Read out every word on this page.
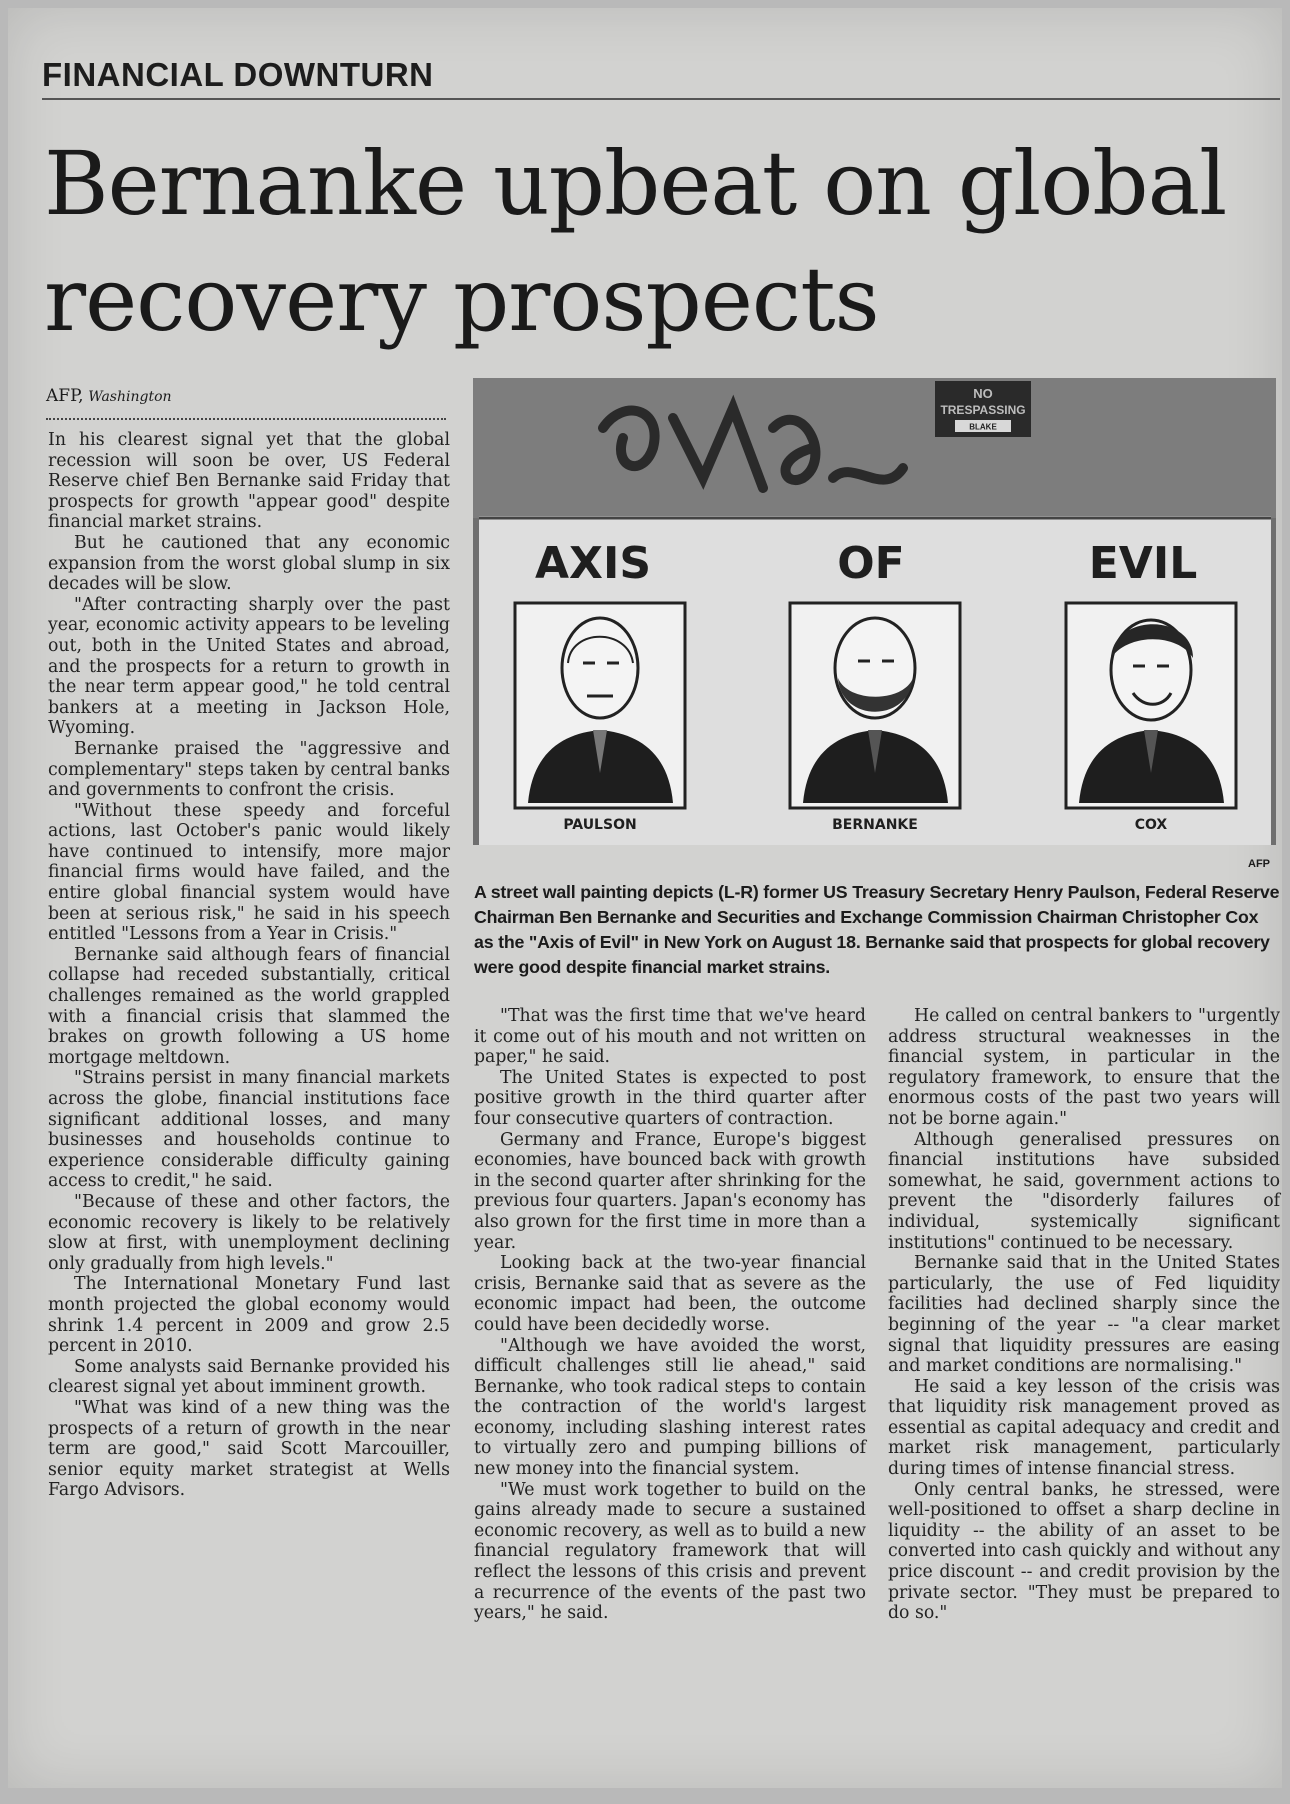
FINANCIAL DOWNTURN
Bernanke upbeat on global recovery prospects
AFP, Washington

In his clearest signal yet that the global recession will soon be over, US Federal Reserve chief Ben Bernanke said Friday that prospects for growth "appear good" despite financial market strains.

But he cautioned that any economic expansion from the worst global slump in six decades will be slow.

"After contracting sharply over the past year, economic activity appears to be leveling out, both in the United States and abroad, and the prospects for a return to growth in the near term appear good," he told central bankers at a meeting in Jackson Hole, Wyoming.

Bernanke praised the "aggressive and complementary" steps taken by central banks and governments to confront the crisis.

"Without these speedy and forceful actions, last October's panic would likely have continued to intensify, more major financial firms would have failed, and the entire global financial system would have been at serious risk," he said in his speech entitled "Lessons from a Year in Crisis."

Bernanke said although fears of financial collapse had receded substantially, critical challenges remained as the world grappled with a financial crisis that slammed the brakes on growth following a US home mortgage meltdown.

"Strains persist in many financial markets across the globe, financial institutions face significant additional losses, and many businesses and households continue to experience considerable difficulty gaining access to credit," he said.

"Because of these and other factors, the economic recovery is likely to be relatively slow at first, with unemployment declining only gradually from high levels."

The International Monetary Fund last month projected the global economy would shrink 1.4 percent in 2009 and grow 2.5 percent in 2010.

Some analysts said Bernanke provided his clearest signal yet about imminent growth.

"What was kind of a new thing was the prospects of a return of growth in the near term are good," said Scott Marcouiller, senior equity market strategist at Wells Fargo Advisors.

NO
TRESPASSING
BLAKE
AXIS	OF	EVIL
PAULSON	BERNANKE	COX
AFP
A street wall painting depicts (L-R) former US Treasury Secretary Henry Paulson, Federal Reserve Chairman Ben Bernanke and Securities and Exchange Commission Chairman Christopher Cox as the "Axis of Evil" in New York on August 18. Bernanke said that prospects for global recovery were good despite financial market strains.

"That was the first time that we've heard it come out of his mouth and not written on paper," he said.

The United States is expected to post positive growth in the third quarter after four consecutive quarters of contraction.

Germany and France, Europe's biggest economies, have bounced back with growth in the second quarter after shrinking for the previous four quarters. Japan's economy has also grown for the first time in more than a year.

Looking back at the two-year financial crisis, Bernanke said that as severe as the economic impact had been, the outcome could have been decidedly worse.

"Although we have avoided the worst, difficult challenges still lie ahead," said Bernanke, who took radical steps to contain the contraction of the world's largest economy, including slashing interest rates to virtually zero and pumping billions of new money into the financial system.

"We must work together to build on the gains already made to secure a sustained economic recovery, as well as to build a new financial regulatory framework that will reflect the lessons of this crisis and prevent a recurrence of the events of the past two years," he said.

He called on central bankers to "urgently address structural weaknesses in the financial system, in particular in the regulatory framework, to ensure that the enormous costs of the past two years will not be borne again."

Although generalised pressures on financial institutions have subsided somewhat, he said, government actions to prevent the "disorderly failures of individual, systemically significant institutions" continued to be necessary.

Bernanke said that in the United States particularly, the use of Fed liquidity facilities had declined sharply since the beginning of the year -- "a clear market signal that liquidity pressures are easing and market conditions are normalising."

He said a key lesson of the crisis was that liquidity risk management proved as essential as capital adequacy and credit and market risk management, particularly during times of intense financial stress.

Only central banks, he stressed, were well-positioned to offset a sharp decline in liquidity -- the ability of an asset to be converted into cash quickly and without any price discount -- and credit provision by the private sector. "They must be prepared to do so."
